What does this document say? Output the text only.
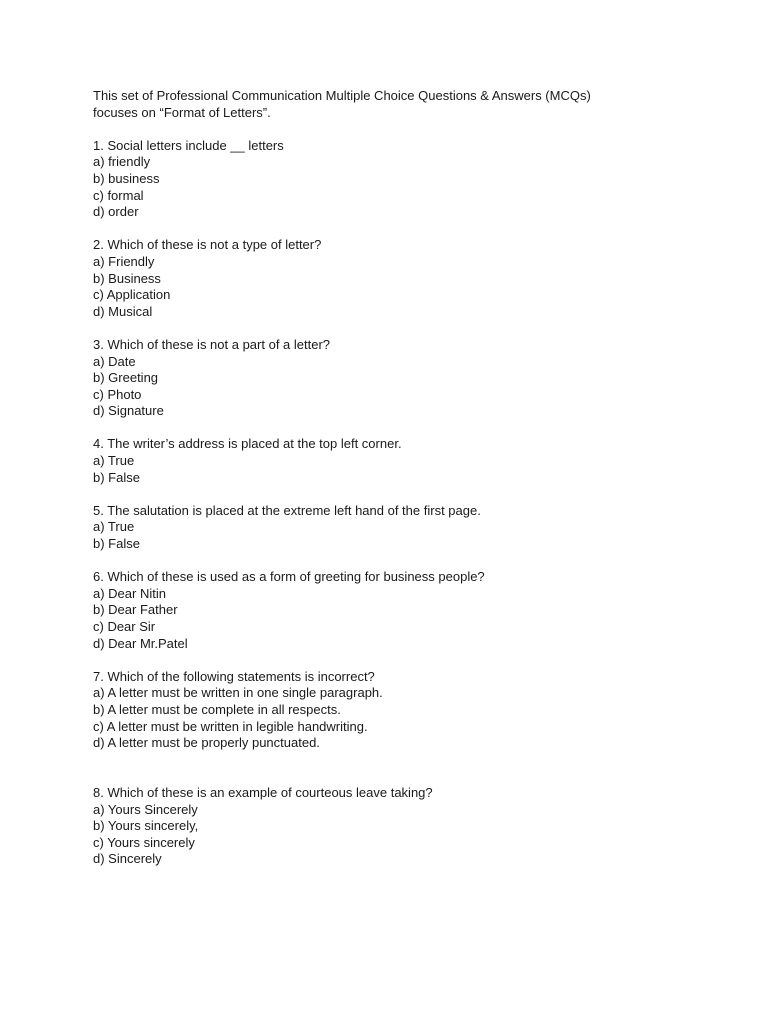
This set of Professional Communication Multiple Choice Questions & Answers (MCQs)

focuses on “Format of Letters”.

1. Social letters include __ letters

a) friendly

b) business

c) formal

d) order

2. Which of these is not a type of letter?

a) Friendly

b) Business

c) Application

d) Musical

3. Which of these is not a part of a letter?

a) Date

b) Greeting

c) Photo

d) Signature

4. The writer’s address is placed at the top left corner.

a) True

b) False

5. The salutation is placed at the extreme left hand of the first page.

a) True

b) False

6. Which of these is used as a form of greeting for business people?

a) Dear Nitin

b) Dear Father

c) Dear Sir

d) Dear Mr.Patel

7. Which of the following statements is incorrect?

a) A letter must be written in one single paragraph.

b) A letter must be complete in all respects.

c) A letter must be written in legible handwriting.

d) A letter must be properly punctuated.

8. Which of these is an example of courteous leave taking?

a) Yours Sincerely

b) Yours sincerely,

c) Yours sincerely

d) Sincerely
